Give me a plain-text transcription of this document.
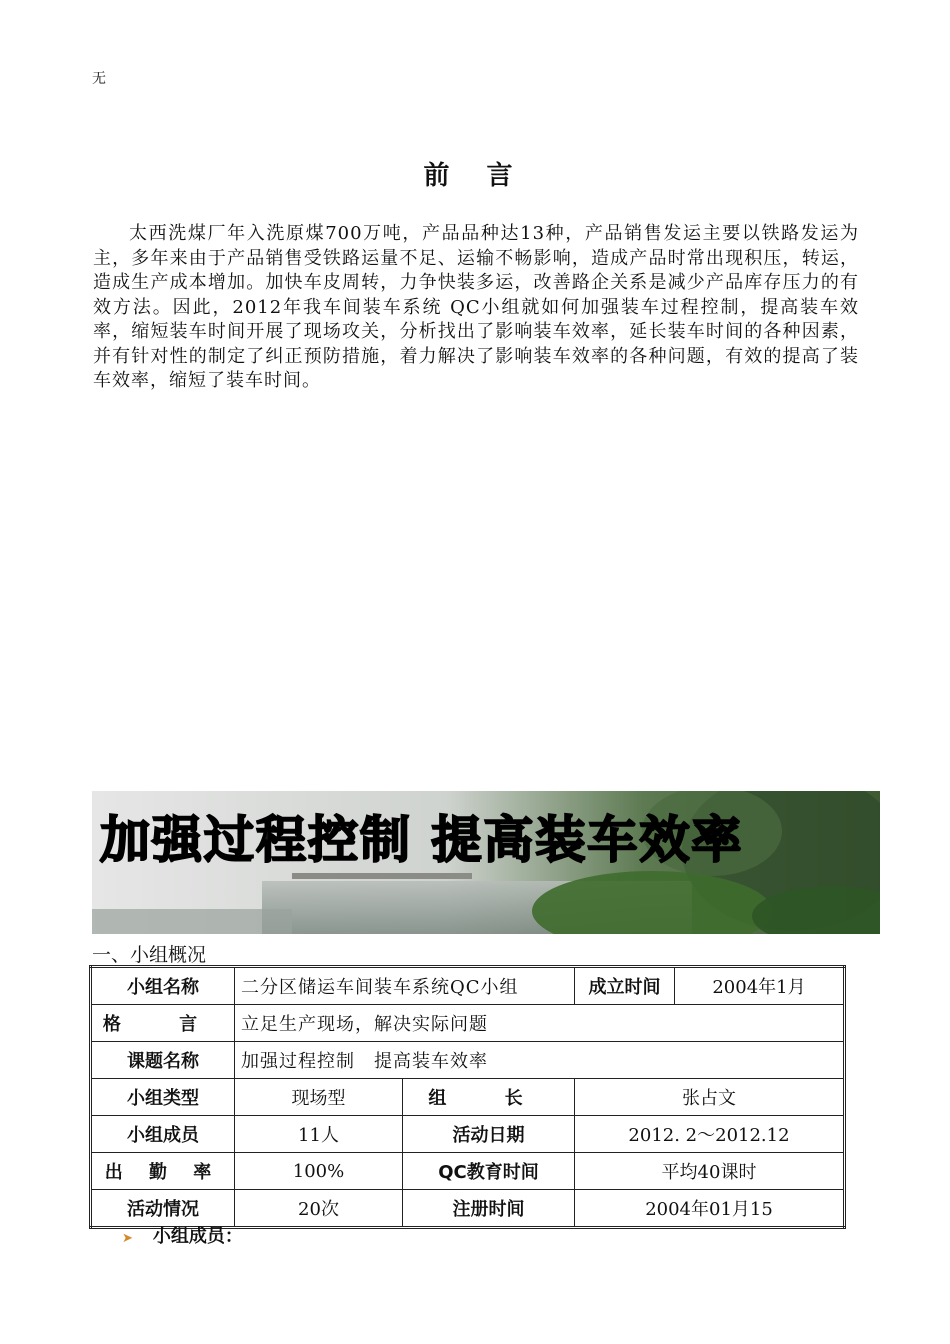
无
前 言

太西洗煤厂年入洗原煤700万吨，产品品种达13种，产品销售发运主要以铁路发运为主，多年来由于产品销售受铁路运量不足、运输不畅影响，造成产品时常出现积压，转运，造成生产成本增加。加快车皮周转，力争快装多运，改善路企关系是减少产品库存压力的有效方法。因此，2012年我车间装车系统 QC小组就如何加强装车过程控制，提高装车效率，缩短装车时间开展了现场攻关，分析找出了影响装车效率，延长装车时间的各种因素，并有针对性的制定了纠正预防措施，着力解决了影响装车效率的各种问题，有效的提高了装车效率，缩短了装车时间。

加强过程控制 提高装车效率
一、小组概况
小组名称	二分区储运车间装车系统QC小组		成立时间	2004年1月
格 言	立足生产现场，解决实际问题			
课题名称	加强过程控制　提高装车效率			
小组类型	现场型	组 长	张占文	
小组成员	11人	活动日期	2012. 2～2012.12	
出 勤 率	100%	QC教育时间	平均40课时	
活动情况	20次	注册时间	2004年01月15	
➤ 小组成员：
